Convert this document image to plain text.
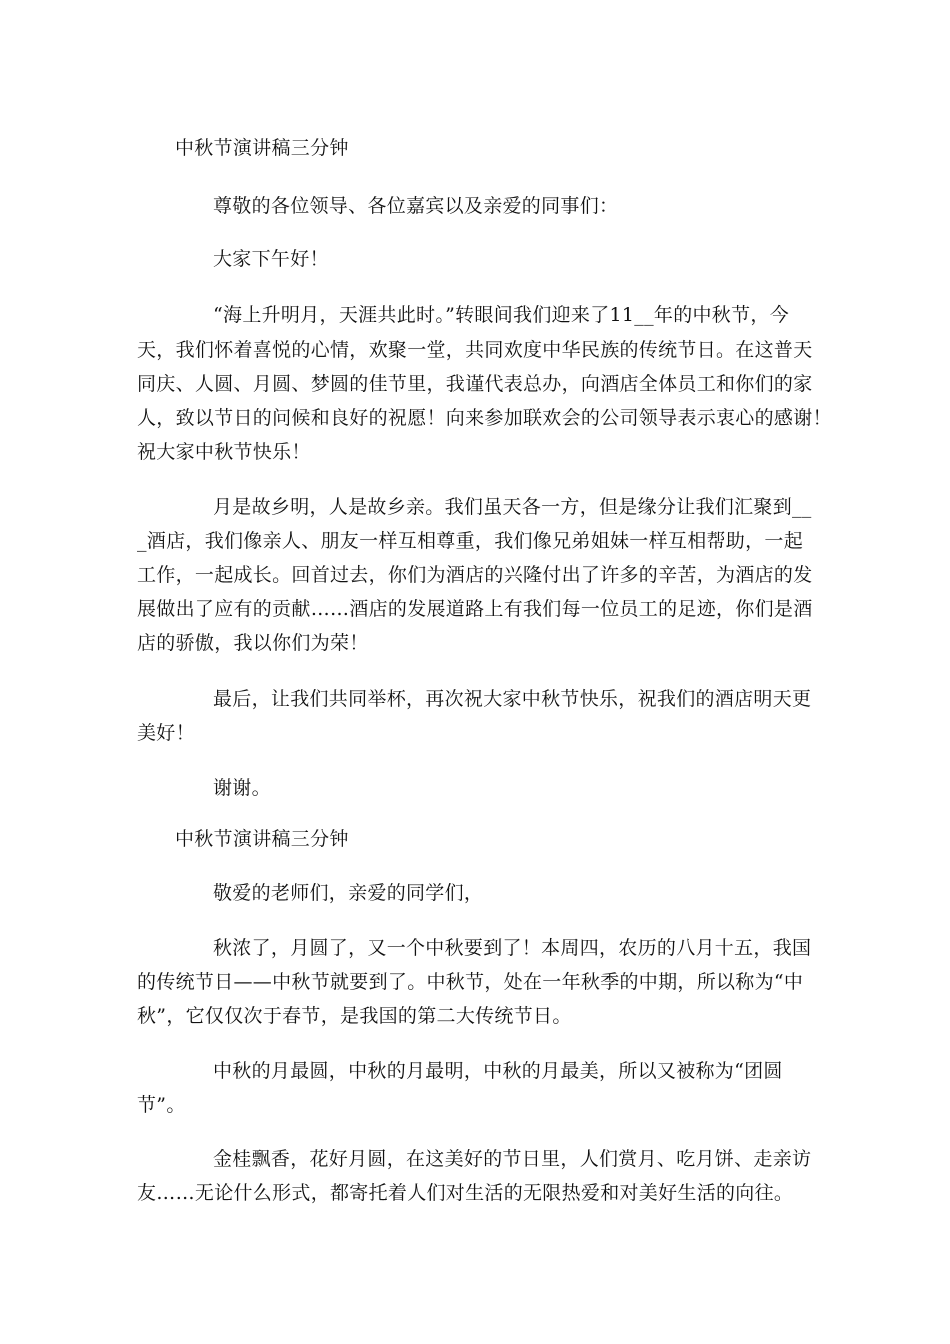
中秋节演讲稿三分钟
尊敬的各位领导、各位嘉宾以及亲爱的同事们：
大家下午好！
“海上升明月，天涯共此时。”转眼间我们迎来了11__年的中秋节，今
天，我们怀着喜悦的心情，欢聚一堂，共同欢度中华民族的传统节日。在这普天
同庆、人圆、月圆、梦圆的佳节里，我谨代表总办，向酒店全体员工和你们的家
人，致以节日的问候和良好的祝愿！向来参加联欢会的公司领导表示衷心的感谢！
祝大家中秋节快乐！
月是故乡明，人是故乡亲。我们虽天各一方，但是缘分让我们汇聚到__
_酒店，我们像亲人、朋友一样互相尊重，我们像兄弟姐妹一样互相帮助，一起
工作，一起成长。回首过去，你们为酒店的兴隆付出了许多的辛苦，为酒店的发
展做出了应有的贡献……酒店的发展道路上有我们每一位员工的足迹，你们是酒
店的骄傲，我以你们为荣！
最后，让我们共同举杯，再次祝大家中秋节快乐，祝我们的酒店明天更
美好！
谢谢。
中秋节演讲稿三分钟
敬爱的老师们，亲爱的同学们，
秋浓了，月圆了，又一个中秋要到了！本周四，农历的八月十五，我国
的传统节日——中秋节就要到了。中秋节，处在一年秋季的中期，所以称为“中
秋”，它仅仅次于春节，是我国的第二大传统节日。
中秋的月最圆，中秋的月最明，中秋的月最美，所以又被称为“团圆
节”。
金桂飘香，花好月圆，在这美好的节日里，人们赏月、吃月饼、走亲访
友……无论什么形式，都寄托着人们对生活的无限热爱和对美好生活的向往。
